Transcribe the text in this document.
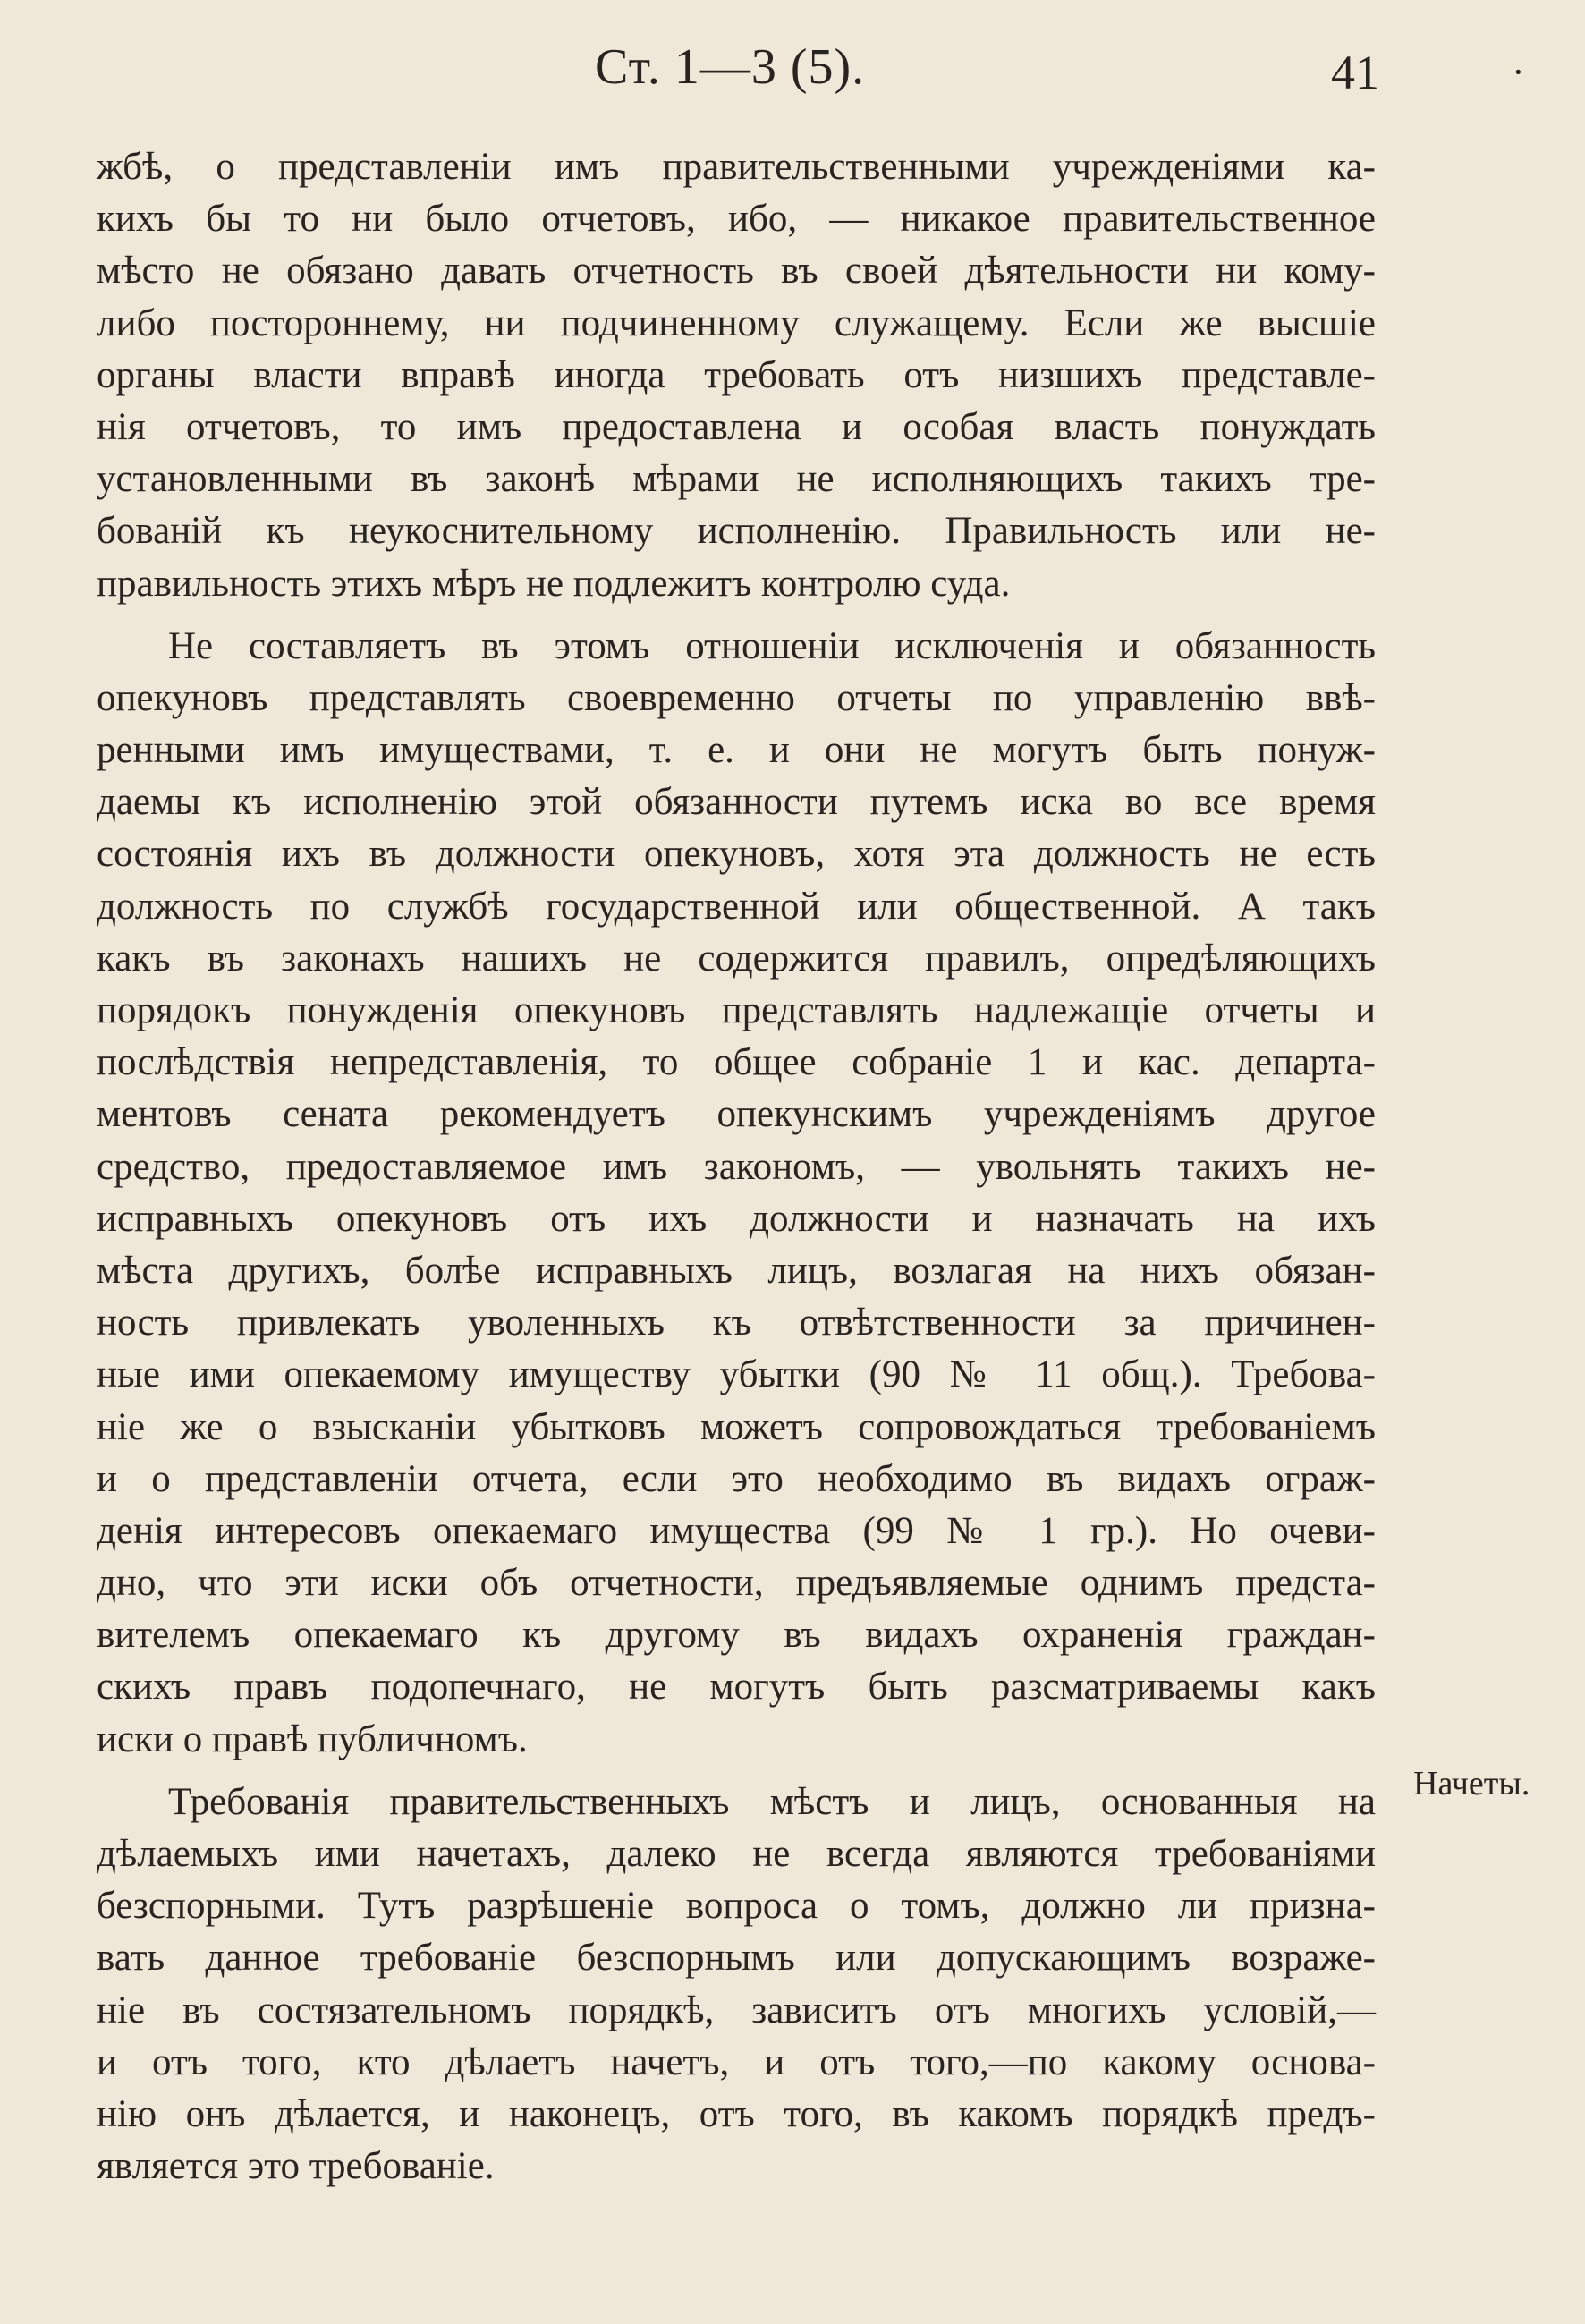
Ст. 1—3 (5).	41	·
жбѣ, о представленіи имъ правительственными учрежденіями ка-
кихъ бы то ни было отчетовъ, ибо, — никакое правительственное
мѣсто не обязано давать отчетность въ своей дѣятельности ни кому-
либо постороннему, ни подчиненному служащему. Если же высшіе
органы власти вправѣ иногда требовать отъ низшихъ представле-
нія отчетовъ, то имъ предоставлена и особая власть понуждать
установленными въ законѣ мѣрами не исполняющихъ такихъ тре-
бованій къ неукоснительному исполненію. Правильность или не-
правильность этихъ мѣръ не подлежитъ контролю суда.
Не составляетъ въ этомъ отношеніи исключенія и обязанность
опекуновъ представлять своевременно отчеты по управленію ввѣ-
ренными имъ имуществами, т. е. и они не могутъ быть понуж-
даемы къ исполненію этой обязанности путемъ иска во все время
состоянія ихъ въ должности опекуновъ, хотя эта должность не есть
должность по службѣ государственной или общественной. А такъ
какъ въ законахъ нашихъ не содержится правилъ, опредѣляющихъ
порядокъ понужденія опекуновъ представлять надлежащіе отчеты и
послѣдствія непредставленія, то общее собраніе 1 и кас. департа-
ментовъ сената рекомендуетъ опекунскимъ учрежденіямъ другое
средство, предоставляемое имъ закономъ, — увольнять такихъ не-
исправныхъ опекуновъ отъ ихъ должности и назначать на ихъ
мѣста другихъ, болѣе исправныхъ лицъ, возлагая на нихъ обязан-
ность привлекать уволенныхъ къ отвѣтственности за причинен-
ные ими опекаемому имуществу убытки (90 № 11 общ.). Требова-
ніе же о взысканіи убытковъ можетъ сопровождаться требованіемъ
и о представленіи отчета, если это необходимо въ видахъ ограж-
денія интересовъ опекаемаго имущества (99 № 1 гр.). Но очеви-
дно, что эти иски объ отчетности, предъявляемые однимъ предста-
вителемъ опекаемаго къ другому въ видахъ охраненія граждан-
скихъ правъ подопечнаго, не могутъ быть разсматриваемы какъ
иски о правѣ публичномъ.
Требованія правительственныхъ мѣстъ и лицъ, основанныя на
дѣлаемыхъ ими начетахъ, далеко не всегда являются требованіями
безспорными. Тутъ разрѣшеніе вопроса о томъ, должно ли призна-
вать данное требованіе безспорнымъ или допускающимъ возраже-
ніе въ состязательномъ порядкѣ, зависитъ отъ многихъ условій,—
и отъ того, кто дѣлаетъ начетъ, и отъ того,—по какому основа-
нію онъ дѣлается, и наконецъ, отъ того, въ какомъ порядкѣ предъ-
является это требованіе.
Начеты.
